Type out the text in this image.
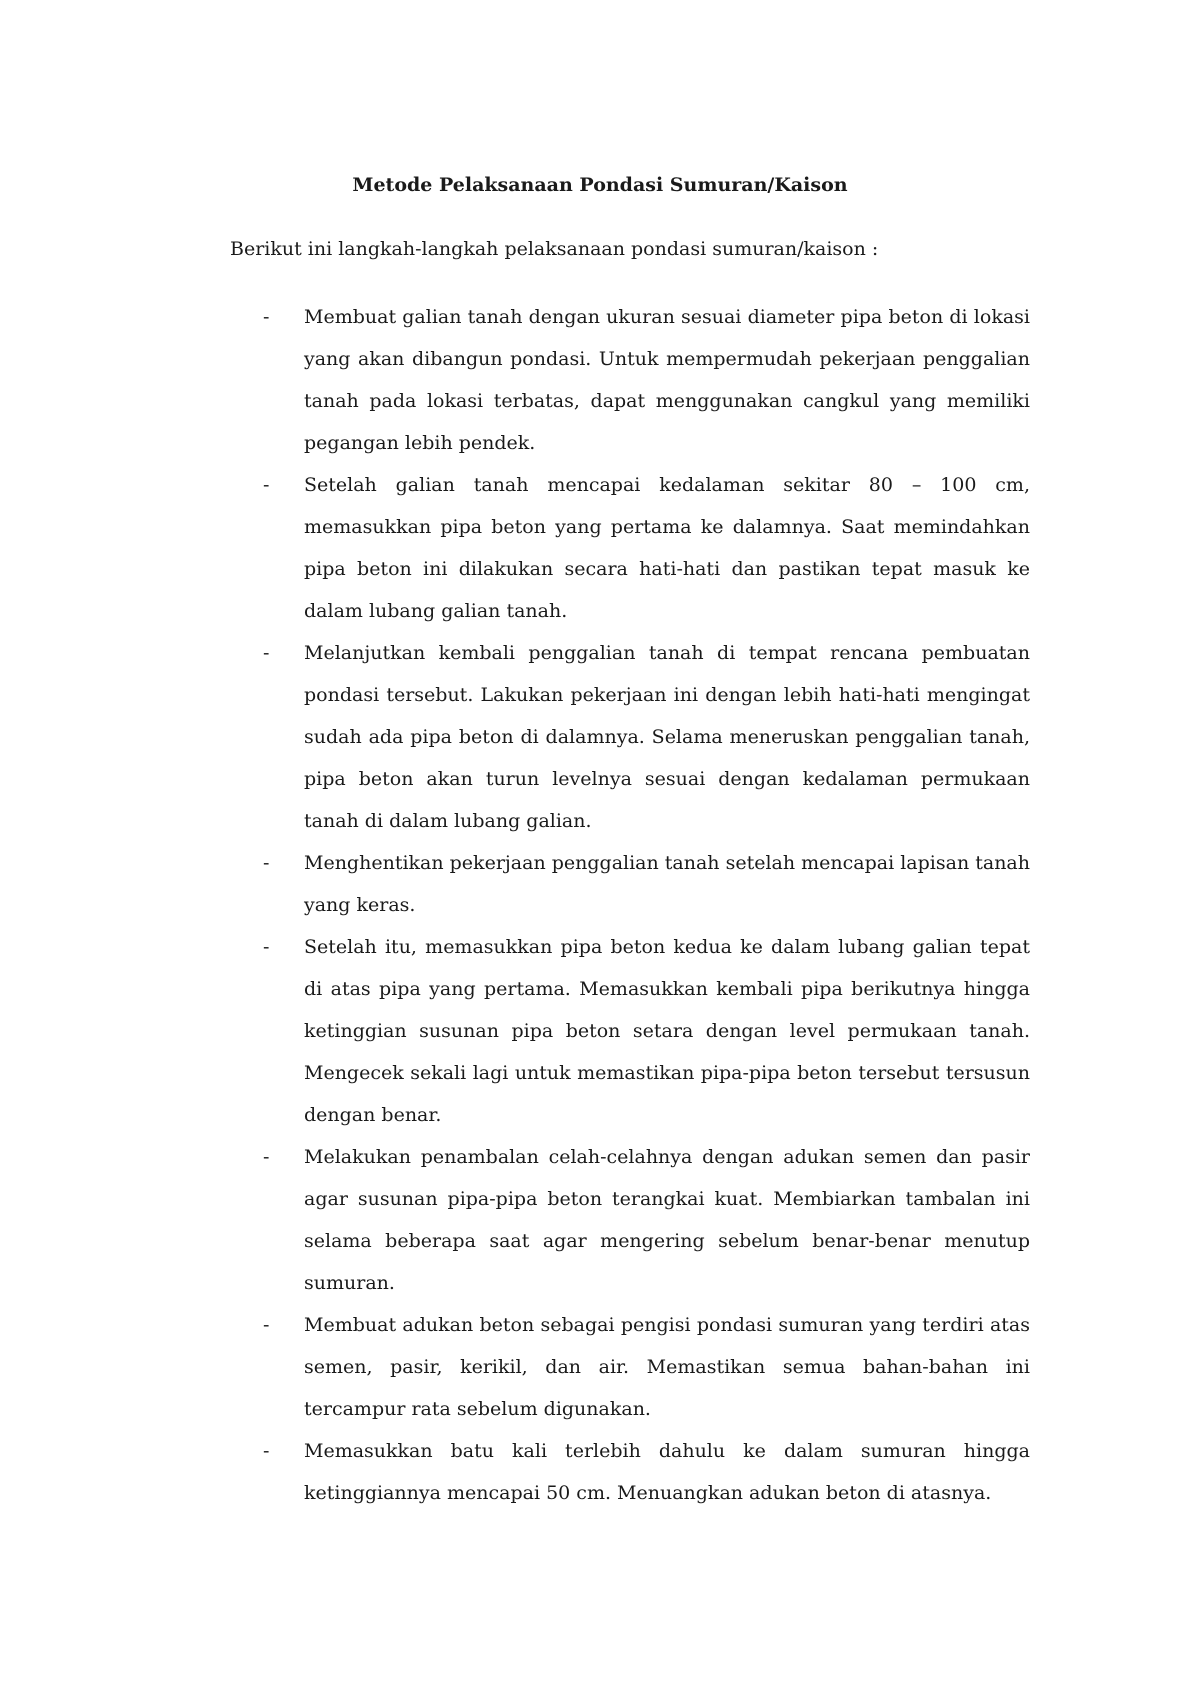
Metode Pelaksanaan Pondasi Sumuran/Kaison

Berikut ini langkah-langkah pelaksanaan pondasi sumuran/kaison :

- Membuat galian tanah dengan ukuran sesuai diameter pipa beton di lokasi yang akan dibangun pondasi. Untuk mempermudah pekerjaan penggalian tanah pada lokasi terbatas, dapat menggunakan cangkul yang memiliki pegangan lebih pendek.
- Setelah galian tanah mencapai kedalaman sekitar 80 – 100 cm, memasukkan pipa beton yang pertama ke dalamnya. Saat memindahkan pipa beton ini dilakukan secara hati-hati dan pastikan tepat masuk ke dalam lubang galian tanah.
- Melanjutkan kembali penggalian tanah di tempat rencana pembuatan pondasi tersebut. Lakukan pekerjaan ini dengan lebih hati-hati mengingat sudah ada pipa beton di dalamnya. Selama meneruskan penggalian tanah, pipa beton akan turun levelnya sesuai dengan kedalaman permukaan tanah di dalam lubang galian.
- Menghentikan pekerjaan penggalian tanah setelah mencapai lapisan tanah yang keras.
- Setelah itu, memasukkan pipa beton kedua ke dalam lubang galian tepat di atas pipa yang pertama. Memasukkan kembali pipa berikutnya hingga ketinggian susunan pipa beton setara dengan level permukaan tanah. Mengecek sekali lagi untuk memastikan pipa-pipa beton tersebut tersusun dengan benar.
- Melakukan penambalan celah-celahnya dengan adukan semen dan pasir agar susunan pipa-pipa beton terangkai kuat. Membiarkan tambalan ini selama beberapa saat agar mengering sebelum benar-benar menutup sumuran.
- Membuat adukan beton sebagai pengisi pondasi sumuran yang terdiri atas semen, pasir, kerikil, dan air. Memastikan semua bahan-bahan ini tercampur rata sebelum digunakan.
- Memasukkan batu kali terlebih dahulu ke dalam sumuran hingga ketinggiannya mencapai 50 cm. Menuangkan adukan beton di atasnya.
